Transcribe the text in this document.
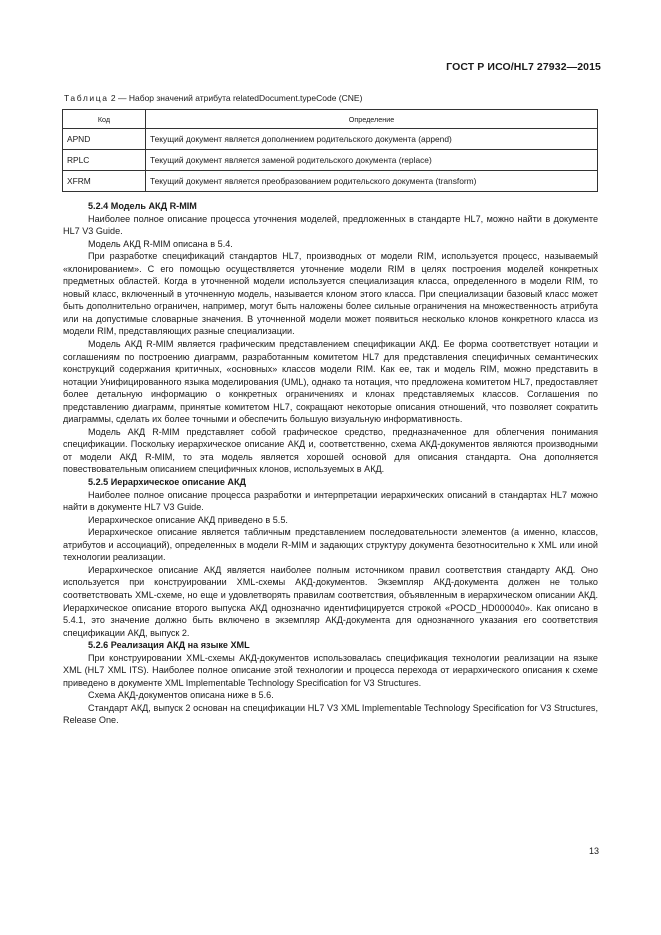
ГОСТ Р ИСО/HL7 27932—2015
Таблица 2 — Набор значений атрибута relatedDocument.typeCode (CNE)
Код	Определение
APND	Текущий документ является дополнением родительского документа (append)
RPLC	Текущий документ является заменой родительского документа (replace)
XFRM	Текущий документ является преобразованием родительского документа (transform)
5.2.4 Модель АКД R-MIM

Наиболее полное описание процесса уточнения моделей, предложенных в стандарте HL7, можно найти в документе HL7 V3 Guide.

Модель АКД R-MIM описана в 5.4.

При разработке спецификаций стандартов HL7, производных от модели RIM, используется процесс, называемый «клонированием». С его помощью осуществляется уточнение модели RIM в целях построения моделей конкретных предметных областей. Когда в уточненной модели используется специализация класса, определенного в модели RIM, то новый класс, включенный в уточненную модель, называется клоном этого класса. При специализации базовый класс может быть дополнительно ограничен, например, могут быть наложены более сильные ограничения на множественность атрибута или на допустимые словарные значения. В уточненной модели может появиться несколько клонов конкретного класса из модели RIM, представляющих разные специализации.

Модель АКД R-MIM является графическим представлением спецификации АКД. Ее форма соответствует нотации и соглашениям по построению диаграмм, разработанным комитетом HL7 для представления специфичных семантических конструкций содержания критичных, «основных» классов модели RIM. Как ее, так и модель RIM, можно представить в нотации Унифицированного языка моделирования (UML), однако та нотация, что предложена комитетом HL7, предоставляет более детальную информацию о конкретных ограничениях и клонах представляемых классов. Соглашения по представлению диаграмм, принятые комитетом HL7, сокращают некоторые описания отношений, что позволяет сократить диаграммы, сделать их более точными и обеспечить большую визуальную информативность.

Модель АКД R-MIM представляет собой графическое средство, предназначенное для облегчения понимания спецификации. Поскольку иерархическое описание АКД и, соответственно, схема АКД-документов являются производными от модели АКД R-MIM, то эта модель является хорошей основой для описания стандарта. Она дополняется повествовательным описанием специфичных клонов, используемых в АКД.

5.2.5 Иерархическое описание АКД

Наиболее полное описание процесса разработки и интерпретации иерархических описаний в стандартах HL7 можно найти в документе HL7 V3 Guide.

Иерархическое описание АКД приведено в 5.5.

Иерархическое описание является табличным представлением последовательности элементов (а именно, классов, атрибутов и ассоциаций), определенных в модели R-MIM и задающих структуру документа безотносительно к XML или иной технологии реализации.

Иерархическое описание АКД является наиболее полным источником правил соответствия стандарту АКД. Оно используется при конструировании XML-схемы АКД-документов. Экземпляр АКД-документа должен не только соответствовать XML-схеме, но еще и удовлетворять правилам соответствия, объявленным в иерархическом описании АКД. Иерархическое описание второго выпуска АКД однозначно идентифицируется строкой «POCD_HD000040». Как описано в 5.4.1, это значение должно быть включено в экземпляр АКД-документа для однозначного указания его соответствия спецификации АКД, выпуск 2.

5.2.6 Реализация АКД на языке XML

При конструировании XML-схемы АКД-документов использовалась спецификация технологии реализации на языке XML (HL7 XML ITS). Наиболее полное описание этой технологии и процесса перехода от иерархического описания к схеме приведено в документе XML Implementable Technology Specification for V3 Structures.

Схема АКД-документов описана ниже в 5.6.

Стандарт АКД, выпуск 2 основан на спецификации HL7 V3 XML Implementable Technology Specification for V3 Structures, Release One.

13
